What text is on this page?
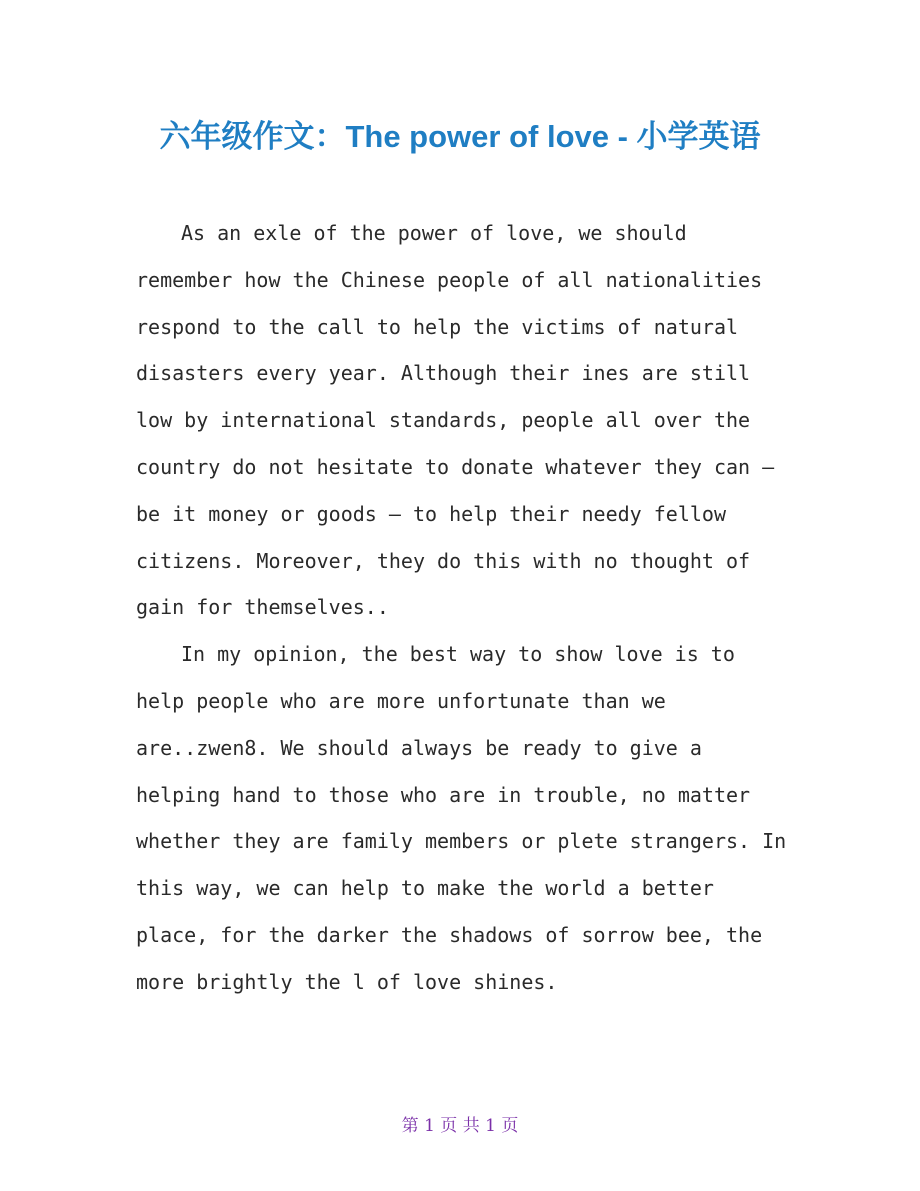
六年级作文：The power of love - 小学英语
As an exle of the power of love, we should
remember how the Chinese people of all nationalities
respond to the call to help the victims of natural
disasters every year. Although their ines are still
low by international standards, people all over the
country do not hesitate to donate whatever they can —
be it money or goods — to help their needy fellow
citizens. Moreover, they do this with no thought of
gain for themselves..
In my opinion, the best way to show love is to
help people who are more unfortunate than we
are..zwen8. We should always be ready to give a
helping hand to those who are in trouble, no matter
whether they are family members or plete strangers. In
this way, we can help to make the world a better
place, for the darker the shadows of sorrow bee, the
more brightly the l of love shines.
第 1 页 共 1 页
